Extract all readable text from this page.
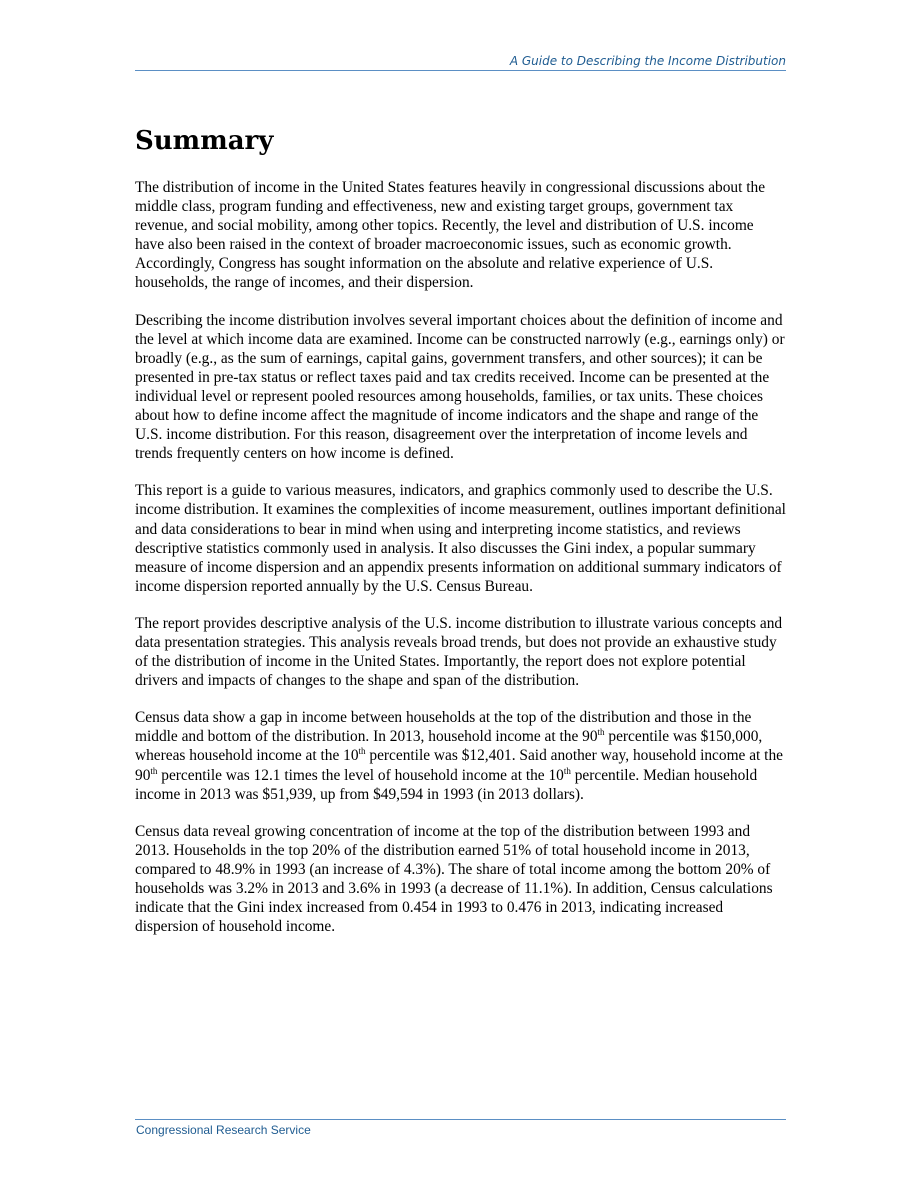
A Guide to Describing the Income Distribution
Summary

The distribution of income in the United States features heavily in congressional discussions about the middle class, program funding and effectiveness, new and existing target groups, government tax revenue, and social mobility, among other topics. Recently, the level and distribution of U.S. income have also been raised in the context of broader macroeconomic issues, such as economic growth. Accordingly, Congress has sought information on the absolute and relative experience of U.S. households, the range of incomes, and their dispersion.

Describing the income distribution involves several important choices about the definition of income and the level at which income data are examined. Income can be constructed narrowly (e.g., earnings only) or broadly (e.g., as the sum of earnings, capital gains, government transfers, and other sources); it can be presented in pre-tax status or reflect taxes paid and tax credits received. Income can be presented at the individual level or represent pooled resources among households, families, or tax units. These choices about how to define income affect the magnitude of income indicators and the shape and range of the U.S. income distribution. For this reason, disagreement over the interpretation of income levels and trends frequently centers on how income is defined.

This report is a guide to various measures, indicators, and graphics commonly used to describe the U.S. income distribution. It examines the complexities of income measurement, outlines important definitional and data considerations to bear in mind when using and interpreting income statistics, and reviews descriptive statistics commonly used in analysis. It also discusses the Gini index, a popular summary measure of income dispersion and an appendix presents information on additional summary indicators of income dispersion reported annually by the U.S. Census Bureau.

The report provides descriptive analysis of the U.S. income distribution to illustrate various concepts and data presentation strategies. This analysis reveals broad trends, but does not provide an exhaustive study of the distribution of income in the United States. Importantly, the report does not explore potential drivers and impacts of changes to the shape and span of the distribution.

Census data show a gap in income between households at the top of the distribution and those in the middle and bottom of the distribution. In 2013, household income at the 90th percentile was $150,000, whereas household income at the 10th percentile was $12,401. Said another way, household income at the 90th percentile was 12.1 times the level of household income at the 10th percentile. Median household income in 2013 was $51,939, up from $49,594 in 1993 (in 2013 dollars).

Census data reveal growing concentration of income at the top of the distribution between 1993 and 2013. Households in the top 20% of the distribution earned 51% of total household income in 2013, compared to 48.9% in 1993 (an increase of 4.3%). The share of total income among the bottom 20% of households was 3.2% in 2013 and 3.6% in 1993 (a decrease of 11.1%). In addition, Census calculations indicate that the Gini index increased from 0.454 in 1993 to 0.476 in 2013, indicating increased dispersion of household income.

Congressional Research Service
